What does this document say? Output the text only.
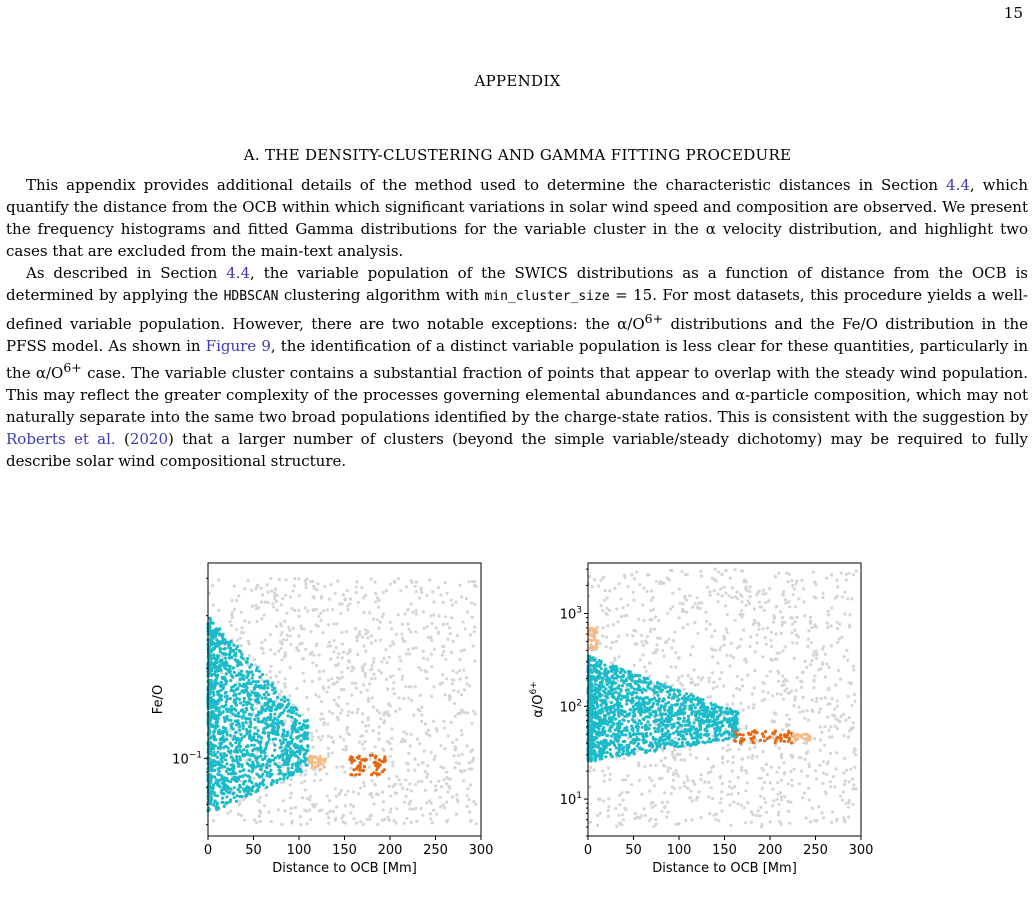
15
APPENDIX
A. THE DENSITY-CLUSTERING AND GAMMA FITTING PROCEDURE

This appendix provides additional details of the method used to determine the characteristic distances in Section 4.4, which quantify the distance from the OCB within which significant variations in solar wind speed and composition are observed. We present the frequency histograms and fitted Gamma distributions for the variable cluster in the α velocity distribution, and highlight two cases that are excluded from the main-text analysis.

As described in Section 4.4, the variable population of the SWICS distributions as a function of distance from the OCB is determined by applying the HDBSCAN clustering algorithm with min_cluster_size = 15. For most datasets, this procedure yields a well-defined variable population. However, there are two notable exceptions: the $\alpha/O^{6+}$ distributions and the Fe/O distribution in the PFSS model. As shown in Figure 9, the identification of a distinct variable population is less clear for these quantities, particularly in the $\alpha/O^{6+}$ case. The variable cluster contains a substantial fraction of points that appear to overlap with the steady wind population. This may reflect the greater complexity of the processes governing elemental abundances and α-particle composition, which may not naturally separate into the same two broad populations identified by the charge-state ratios. This is consistent with the suggestion by Roberts et al. (2020) that a larger number of clusters (beyond the simple variable/steady dichotomy) may be required to fully describe solar wind compositional structure.

0	50 100 150 200 250 300
$10^{-1}$
Distance to OCB [Mm]
Fe/O
0	50 100 150 200 250 300
$10^1$
$10^2$
$10^3$
Distance to OCB [Mm]
$\alpha/O^{6+}$
